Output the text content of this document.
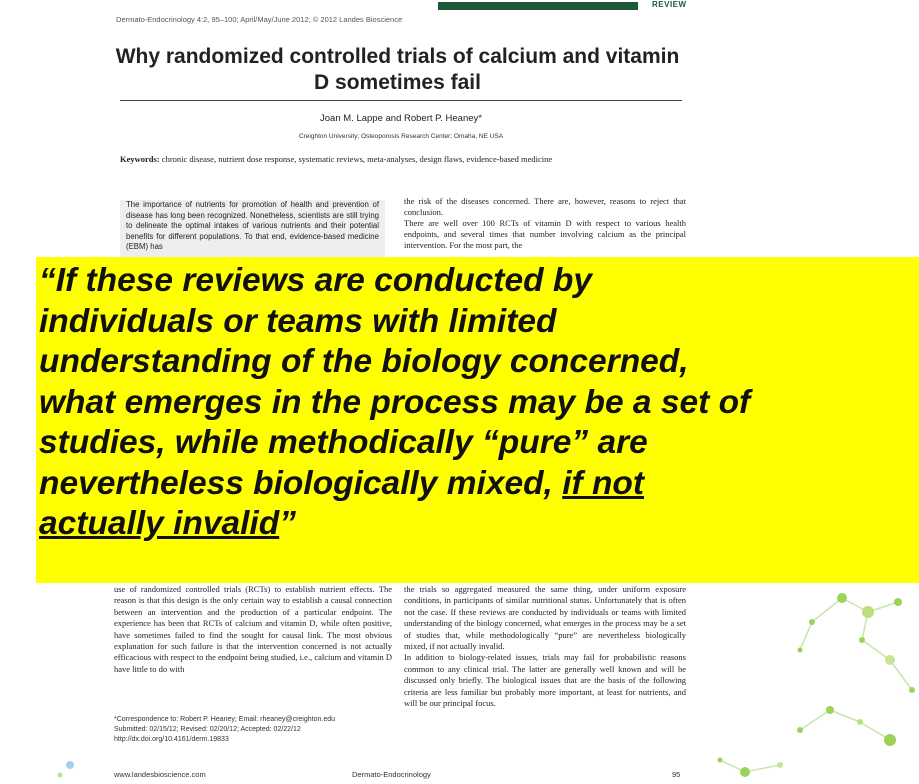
REVIEW
Dermato-Endocrinology 4:2, 95–100; April/May/June 2012; © 2012 Landes Bioscience
Why randomized controlled trials of calcium and vitamin D sometimes fail
Joan M. Lappe and Robert P. Heaney*
Creighton University; Osteoporosis Research Center; Omaha, NE USA
Keywords: chronic disease, nutrient dose response, systematic reviews, meta-analyses, design flaws, evidence-based medicine
The importance of nutrients for promotion of health and prevention of disease has long been recognized. Nonetheless, scientists are still trying to delineate the optimal intakes of various nutrients and their potential benefits for different populations. To that end, evidence-based medicine (EBM) has
the risk of the diseases concerned. There are, however, reasons to reject that conclusion.
There are well over 100 RCTs of vitamin D with respect to various health endpoints, and several times that number involving calcium as the principal intervention. For the most part, the
use of randomized controlled trials (RCTs) to establish nutrient effects. The reason is that this design is the only certain way to establish a causal connection between an intervention and the production of a particular endpoint. The experience has been that RCTs of calcium and vitamin D, while often positive, have sometimes failed to find the sought for causal link. The most obvious explanation for such failure is that the intervention concerned is not actually efficacious with respect to the endpoint being studied, i.e., calcium and vitamin D have little to do with
the trials so aggregated measured the same thing, under uniform exposure conditions, in participants of similar nutritional status. Unfortunately that is often not the case. If these reviews are conducted by individuals or teams with limited understanding of the biology concerned, what emerges in the process may be a set of studies that, while methodologically “pure” are nevertheless biologically mixed, if not actually invalid.
In addition to biology-related issues, trials may fail for probabilistic reasons common to any clinical trial. The latter are generally well known and will be discussed only briefly. The biological issues that are the basis of the following criteria are less familiar but probably more important, at least for nutrients, and will be our principal focus.
*Correspondence to: Robert P. Heaney; Email: rheaney@creighton.edu
Submitted: 02/15/12; Revised: 02/20/12; Accepted: 02/22/12
http://dx.doi.org/10.4161/derm.19833
www.landesbioscience.com	Dermato-Endocrinology	95
“If these reviews are conducted by
individuals or teams with limited
understanding of the biology concerned,
what emerges in the process may be a set of
studies, while methodically “pure” are
nevertheless biologically mixed, if not
actually invalid”
